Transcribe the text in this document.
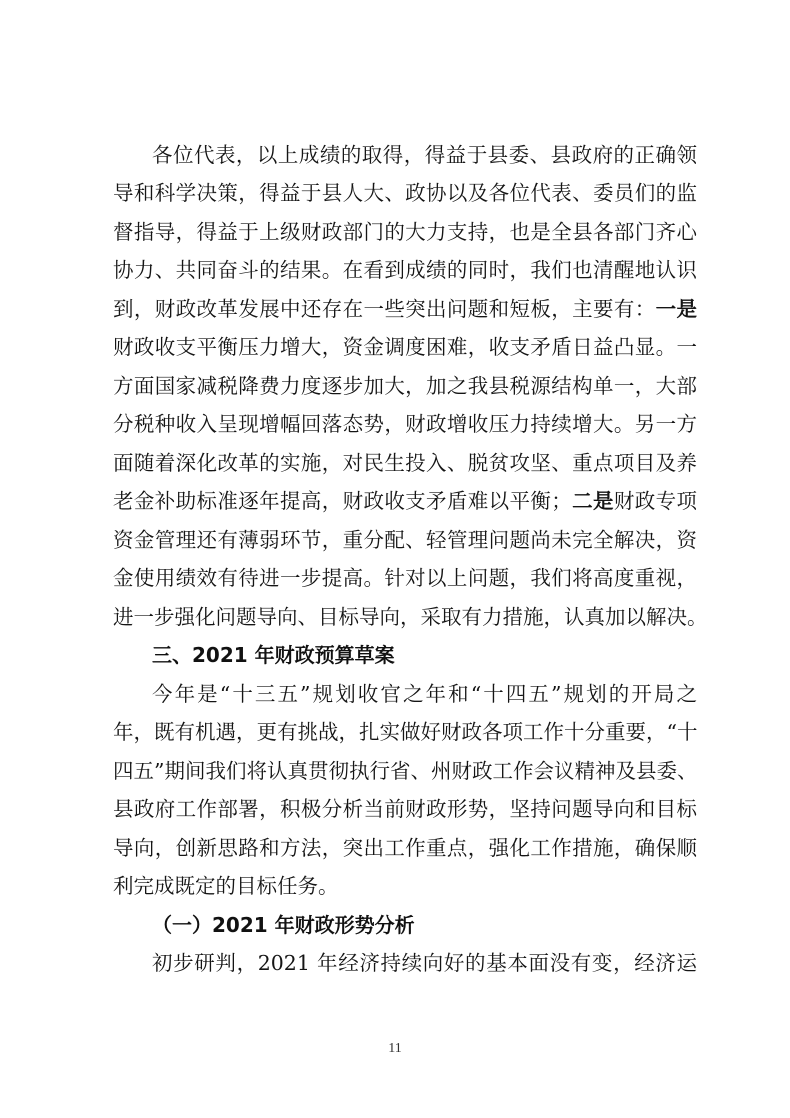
各位代表，以上成绩的取得，得益于县委、县政府的正确领
导和科学决策，得益于县人大、政协以及各位代表、委员们的监
督指导，得益于上级财政部门的大力支持，也是全县各部门齐心
协力、共同奋斗的结果。在看到成绩的同时，我们也清醒地认识
到，财政改革发展中还存在一些突出问题和短板，主要有：一是
财政收支平衡压力增大，资金调度困难，收支矛盾日益凸显。一
方面国家减税降费力度逐步加大，加之我县税源结构单一，大部
分税种收入呈现增幅回落态势，财政增收压力持续增大。另一方
面随着深化改革的实施，对民生投入、脱贫攻坚、重点项目及养
老金补助标准逐年提高，财政收支矛盾难以平衡；二是财政专项
资金管理还有薄弱环节，重分配、轻管理问题尚未完全解决，资
金使用绩效有待进一步提高。针对以上问题，我们将高度重视，
进一步强化问题导向、目标导向，采取有力措施，认真加以解决。
三、2021 年财政预算草案
今年是“十三五”规划收官之年和“十四五”规划的开局之
年，既有机遇，更有挑战，扎实做好财政各项工作十分重要，“十
四五”期间我们将认真贯彻执行省、州财政工作会议精神及县委、
县政府工作部署，积极分析当前财政形势，坚持问题导向和目标
导向，创新思路和方法，突出工作重点，强化工作措施，确保顺
利完成既定的目标任务。
（一）2021 年财政形势分析
初步研判，2021 年经济持续向好的基本面没有变，经济运
11
